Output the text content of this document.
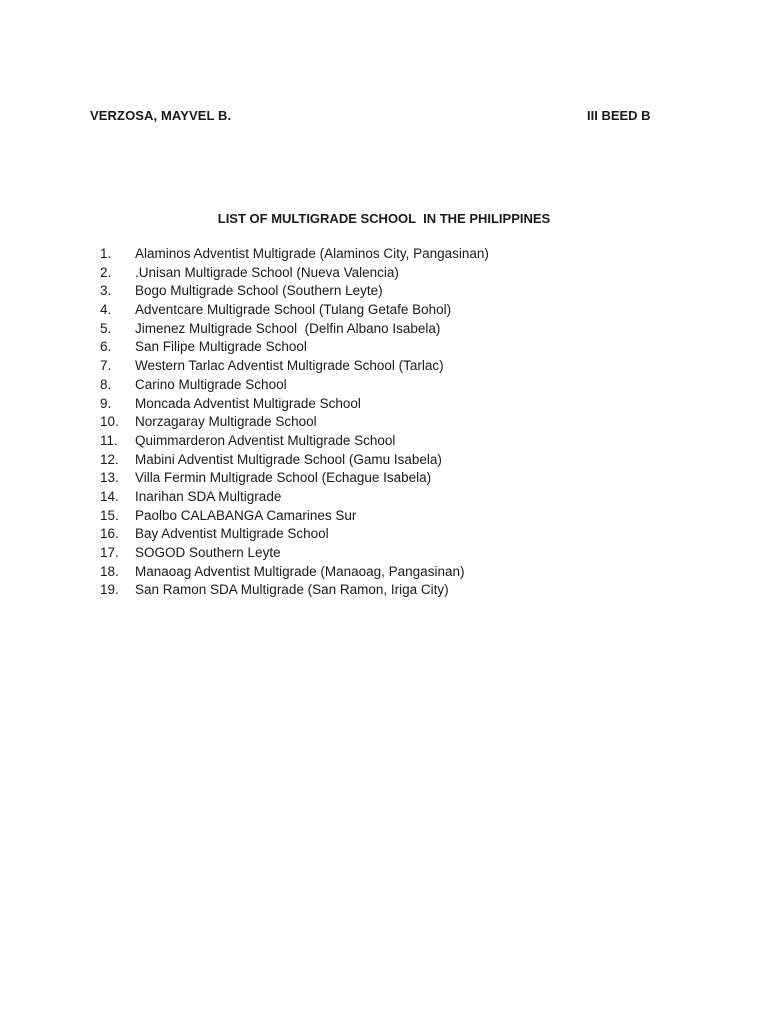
VERZOSA, MAYVEL B.	III BEED B
LIST OF MULTIGRADE SCHOOL  IN THE PHILIPPINES
1.	Alaminos Adventist Multigrade (Alaminos City, Pangasinan)
2.	.Unisan Multigrade School (Nueva Valencia)
3.	Bogo Multigrade School (Southern Leyte)
4.	Adventcare Multigrade School (Tulang Getafe Bohol)
5.	Jimenez Multigrade School  (Delfin Albano Isabela)
6.	San Filipe Multigrade School
7.	Western Tarlac Adventist Multigrade School (Tarlac)
8.	Carino Multigrade School
9.	Moncada Adventist Multigrade School
10.	Norzagaray Multigrade School
11.	Quimmarderon Adventist Multigrade School
12.	Mabini Adventist Multigrade School (Gamu Isabela)
13.	Villa Fermin Multigrade School (Echague Isabela)
14.	Inarihan SDA Multigrade
15.	Paolbo CALABANGA Camarines Sur
16.	Bay Adventist Multigrade School
17.	SOGOD Southern Leyte
18.	Manaoag Adventist Multigrade (Manaoag, Pangasinan)
19.	San Ramon SDA Multigrade (San Ramon, Iriga City)
